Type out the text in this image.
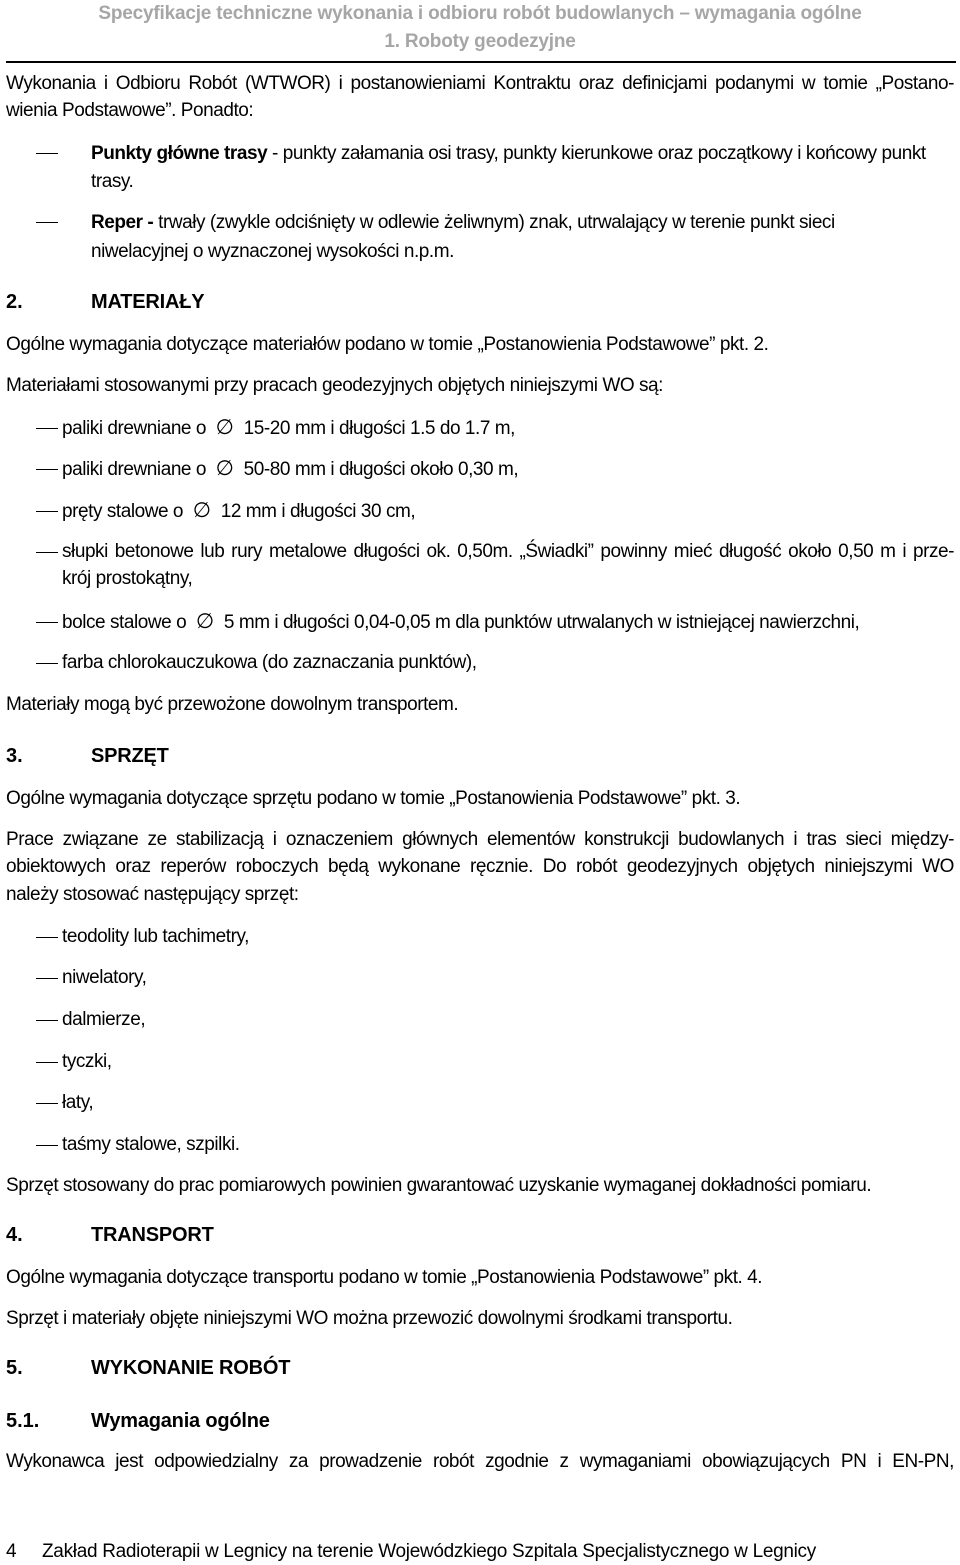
Specyfikacje techniczne wykonania i odbioru robót budowlanych – wymagania ogólne
1. Roboty geodezyjne
Wykonania i Odbioru Robót (WTWOR) i postanowieniami Kontraktu oraz definicjami podanymi w tomie „Postano-
wienia Podstawowe”. Ponadto:
Punkty główne trasy - punkty załamania osi trasy, punkty kierunkowe oraz początkowy i końcowy punkt
trasy.
Reper - trwały (zwykle odciśnięty w odlewie żeliwnym) znak, utrwalający w terenie punkt sieci
niwelacyjnej o wyznaczonej wysokości n.p.m.
2.	MATERIAŁY
Ogólne wymagania dotyczące materiałów podano w tomie „Postanowienia Podstawowe” pkt. 2.
Materiałami stosowanymi przy pracach geodezyjnych objętych niniejszymi WO są:
paliki drewniane o ∅ 15-20 mm i długości 1.5 do 1.7 m,
paliki drewniane o ∅ 50-80 mm i długości około 0,30 m,
pręty stalowe o ∅ 12 mm i długości 30 cm,
słupki betonowe lub rury metalowe długości ok. 0,50m. „Świadki” powinny mieć długość około 0,50 m i prze-
krój prostokątny,
bolce stalowe o ∅ 5 mm i długości 0,04-0,05 m dla punktów utrwalanych w istniejącej nawierzchni,
farba chlorokauczukowa (do zaznaczania punktów),
Materiały mogą być przewożone dowolnym transportem.
3.	SPRZĘT
Ogólne wymagania dotyczące sprzętu podano w tomie „Postanowienia Podstawowe” pkt. 3.
Prace związane ze stabilizacją i oznaczeniem głównych elementów konstrukcji budowlanych i tras sieci między-
obiektowych oraz reperów roboczych będą wykonane ręcznie. Do robót geodezyjnych objętych niniejszymi WO
należy stosować następujący sprzęt:
teodolity lub tachimetry,
niwelatory,
dalmierze,
tyczki,
łaty,
taśmy stalowe, szpilki.
Sprzęt stosowany do prac pomiarowych powinien gwarantować uzyskanie wymaganej dokładności pomiaru.
4.	TRANSPORT
Ogólne wymagania dotyczące transportu podano w tomie „Postanowienia Podstawowe” pkt. 4.
Sprzęt i materiały objęte niniejszymi WO można przewozić dowolnymi środkami transportu.
5.	WYKONANIE ROBÓT
5.1.	Wymagania ogólne
Wykonawca jest odpowiedzialny za prowadzenie robót zgodnie z wymaganiami obowiązujących PN i EN-PN,
4 Zakład Radioterapii w Legnicy na terenie Wojewódzkiego Szpitala Specjalistycznego w Legnicy
